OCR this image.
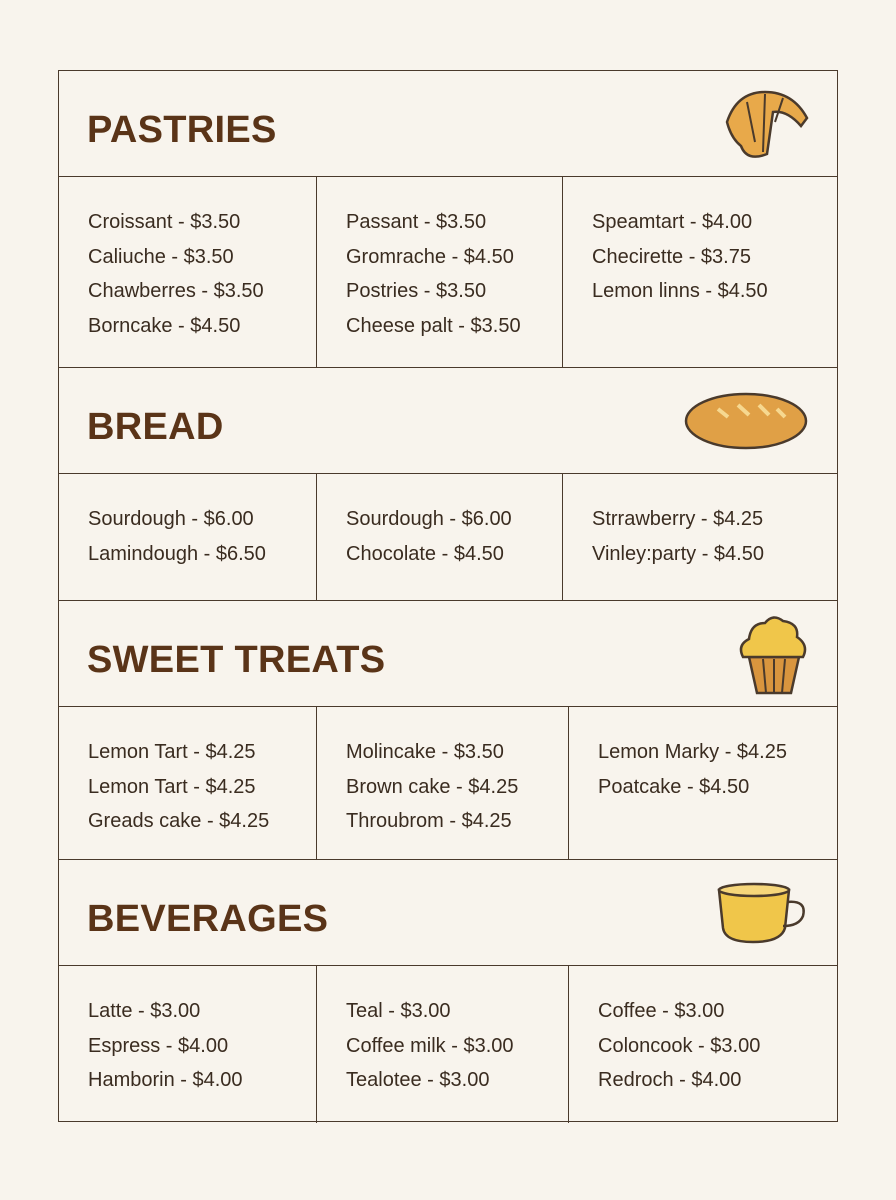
PASTRIES
Croissant - $3.50
Caliuche - $3.50
Chawberres - $3.50
Borncake - $4.50
Passant - $3.50
Gromrache - $4.50
Postries - $3.50
Cheese palt - $3.50
Speamtart - $4.00
Checirette - $3.75
Lemon linns - $4.50
BREAD
Sourdough - $6.00
Lamindough - $6.50
Sourdough - $6.00
Chocolate - $4.50
Strrawberry - $4.25
Vinley:party - $4.50
SWEET TREATS
Lemon Tart - $4.25
Lemon Tart - $4.25
Greads cake - $4.25
Molincake - $3.50
Brown cake - $4.25
Throubrom - $4.25
Lemon Marky - $4.25
Poatcake - $4.50
BEVERAGES
Latte - $3.00
Espress - $4.00
Hamborin - $4.00
Teal - $3.00
Coffee milk - $3.00
Tealotee - $3.00
Coffee - $3.00
Coloncook - $3.00
Redroch - $4.00
